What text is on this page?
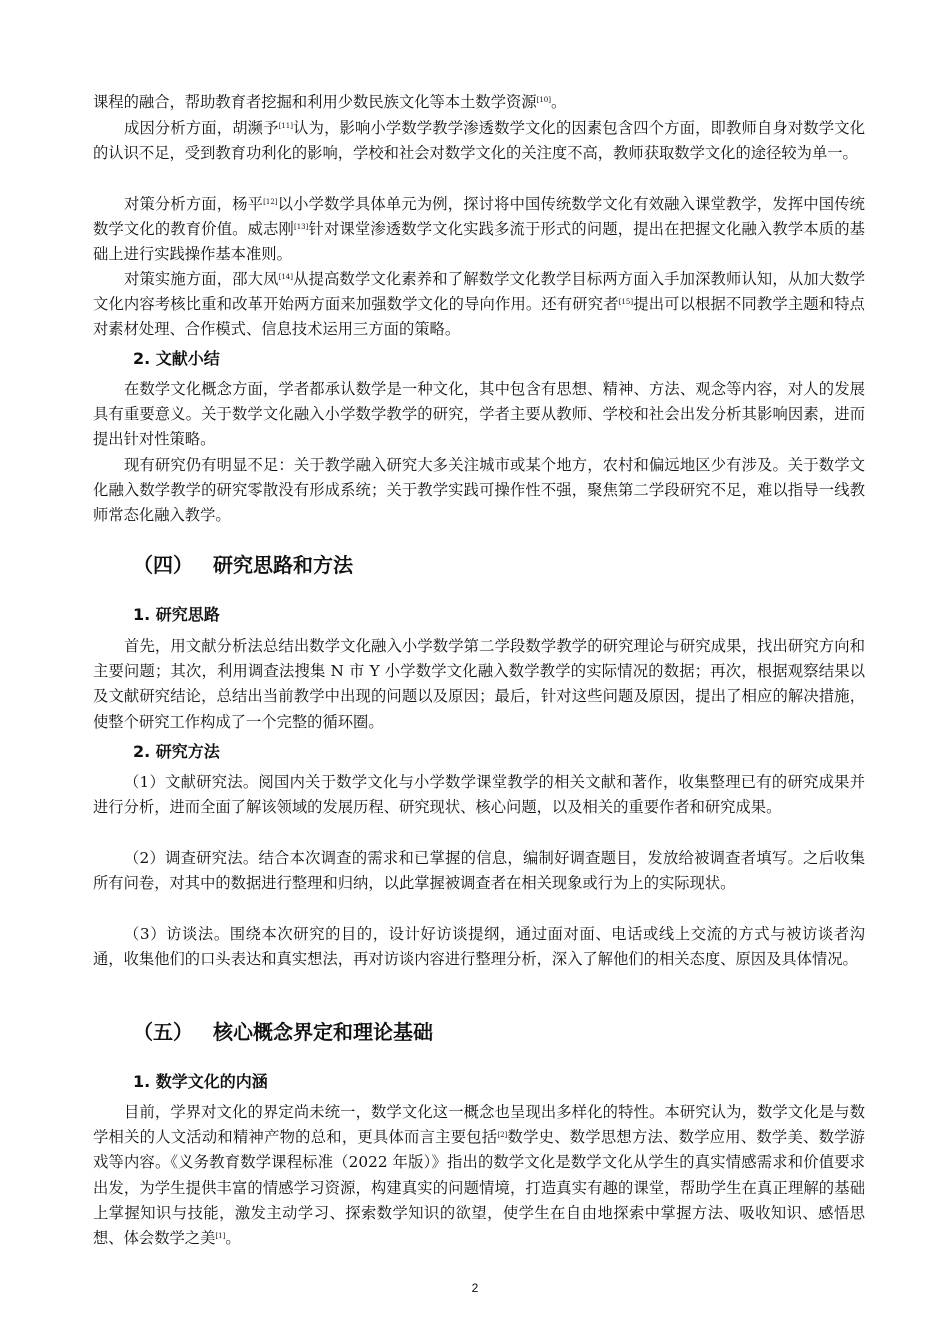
课程的融合，帮助教育者挖掘和利用少数民族文化等本土数学资源[10]。

成因分析方面，胡濒予[11]认为，影响小学数学教学渗透数学文化的因素包含四个方面，即教师自身对数学文化的认识不足，受到教育功利化的影响，学校和社会对数学文化的关注度不高，教师获取数学文化的途径较为单一。

对策分析方面，杨平[12]以小学数学具体单元为例，探讨将中国传统数学文化有效融入课堂教学，发挥中国传统数学文化的教育价值。威志刚[13]针对课堂渗透数学文化实践多流于形式的问题，提出在把握文化融入教学本质的基础上进行实践操作基本准则。

对策实施方面，邵大凤[14]从提高数学文化素养和了解数学文化教学目标两方面入手加深教师认知，从加大数学文化内容考核比重和改革开始两方面来加强数学文化的导向作用。还有研究者[15]提出可以根据不同教学主题和特点对素材处理、合作模式、信息技术运用三方面的策略。

2. 文献小结

在数学文化概念方面，学者都承认数学是一种文化，其中包含有思想、精神、方法、观念等内容，对人的发展具有重要意义。关于数学文化融入小学数学教学的研究，学者主要从教师、学校和社会出发分析其影响因素，进而提出针对性策略。

现有研究仍有明显不足：关于教学融入研究大多关注城市或某个地方，农村和偏远地区少有涉及。关于数学文化融入数学教学的研究零散没有形成系统；关于教学实践可操作性不强，聚焦第二学段研究不足，难以指导一线教师常态化融入教学。

（四） 研究思路和方法
1. 研究思路

首先，用文献分析法总结出数学文化融入小学数学第二学段数学教学的研究理论与研究成果，找出研究方向和主要问题；其次，利用调查法搜集 N 市 Y 小学数学文化融入数学教学的实际情况的数据；再次，根据观察结果以及文献研究结论，总结出当前教学中出现的问题以及原因；最后，针对这些问题及原因，提出了相应的解决措施，使整个研究工作构成了一个完整的循环圈。

2. 研究方法

（1）文献研究法。阅国内关于数学文化与小学数学课堂教学的相关文献和著作，收集整理已有的研究成果并进行分析，进而全面了解该领域的发展历程、研究现状、核心问题，以及相关的重要作者和研究成果。

（2）调查研究法。结合本次调查的需求和已掌握的信息，编制好调查题目，发放给被调查者填写。之后收集所有问卷，对其中的数据进行整理和归纳，以此掌握被调查者在相关现象或行为上的实际现状。

（3）访谈法。围绕本次研究的目的，设计好访谈提纲，通过面对面、电话或线上交流的方式与被访谈者沟通，收集他们的口头表达和真实想法，再对访谈内容进行整理分析，深入了解他们的相关态度、原因及具体情况。

（五） 核心概念界定和理论基础
1. 数学文化的内涵

目前，学界对文化的界定尚未统一，数学文化这一概念也呈现出多样化的特性。本研究认为，数学文化是与数学相关的人文活动和精神产物的总和，更具体而言主要包括[2]数学史、数学思想方法、数学应用、数学美、数学游戏等内容。《义务教育数学课程标准（2022 年版）》指出的数学文化是数学文化从学生的真实情感需求和价值要求出发，为学生提供丰富的情感学习资源，构建真实的问题情境，打造真实有趣的课堂，帮助学生在真正理解的基础上掌握知识与技能，激发主动学习、探索数学知识的欲望，使学生在自由地探索中掌握方法、吸收知识、感悟思想、体会数学之美[1]。

2
